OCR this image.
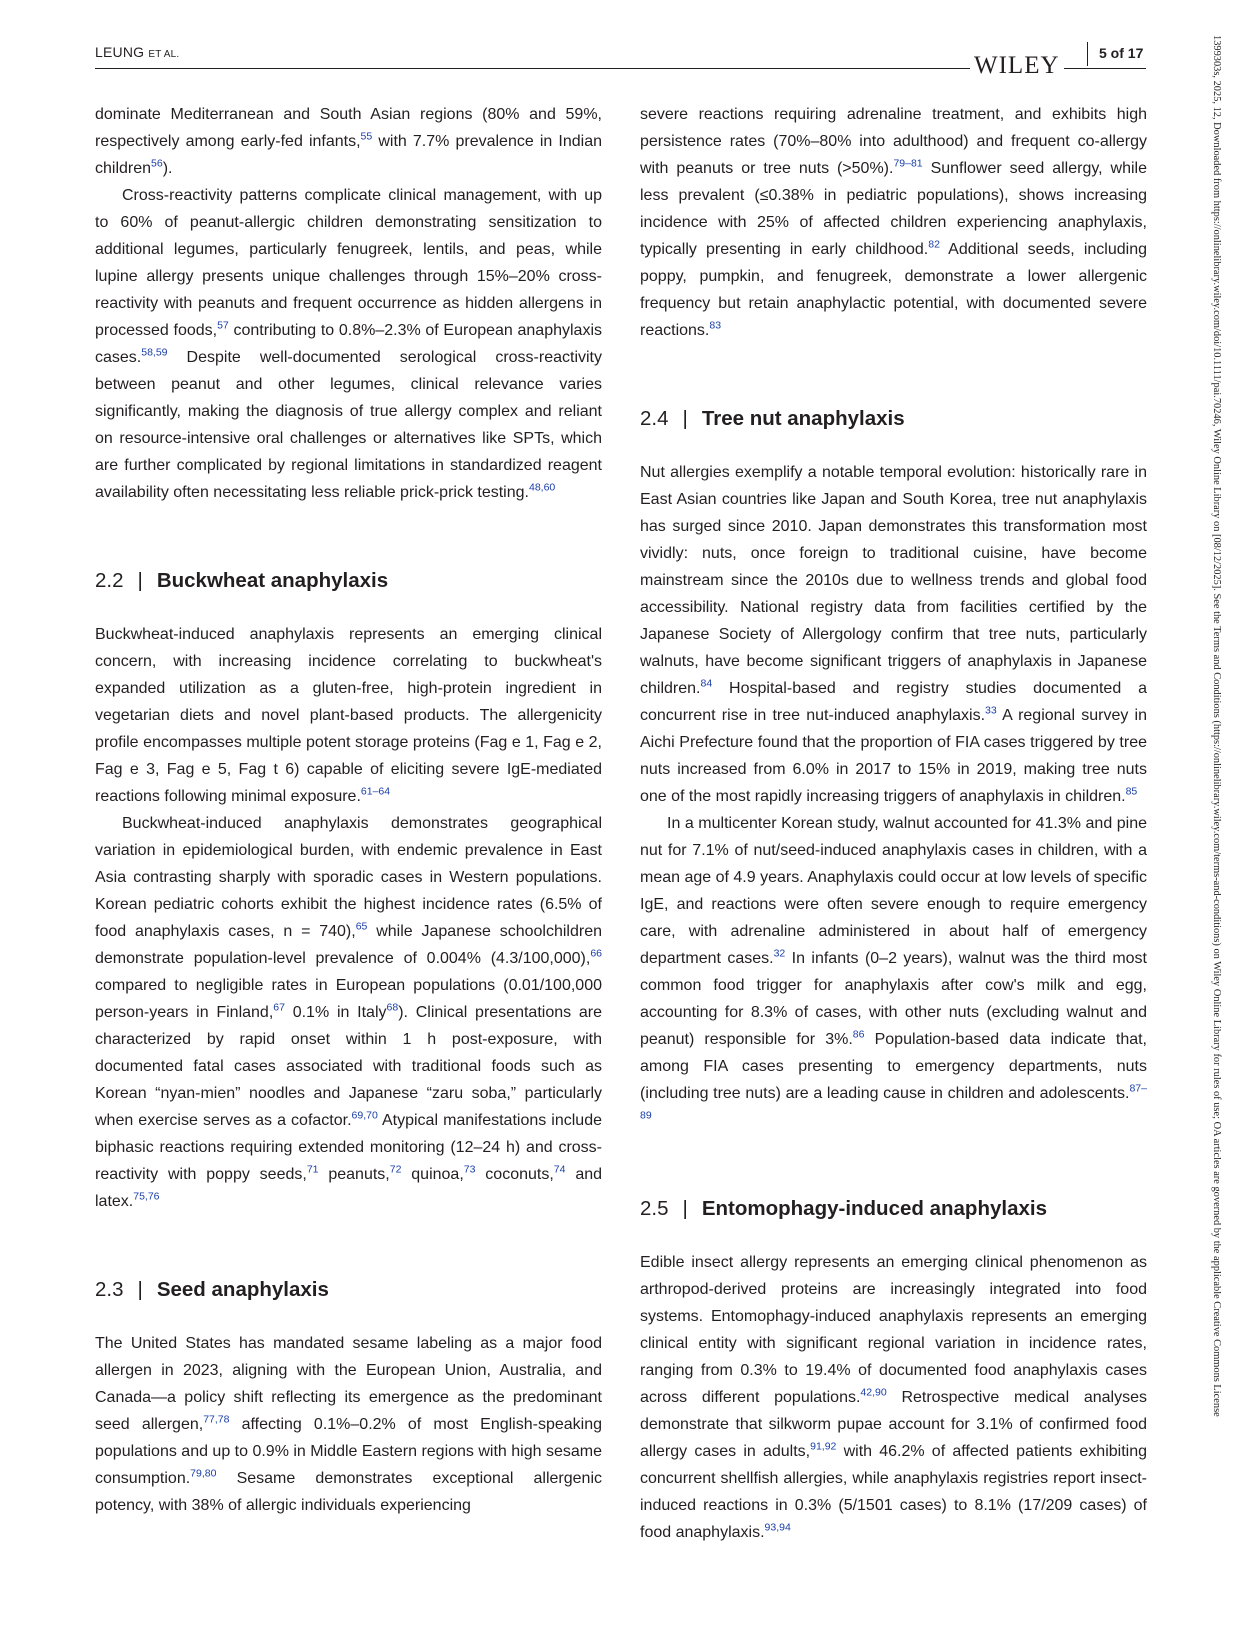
LEUNG ET AL.	WILEY	5 of 17	1399303s, 2025, 12, Downloaded from https://onlinelibrary.wiley.com/doi/10.1111/pai.70246, Wiley Online Library on [08/12/2025]. See the Terms and Conditions (https://onlinelibrary.wiley.com/terms-and-conditions) on Wiley Online Library for rules of use; OA articles are governed by the applicable Creative Commons License

dominate Mediterranean and South Asian regions (80% and 59%, respectively among early-fed infants,$^{55}$ with 7.7% prevalence in Indian children$^{56}$).

Cross-reactivity patterns complicate clinical management, with up to 60% of peanut-allergic children demonstrating sensitization to additional legumes, particularly fenugreek, lentils, and peas, while lupine allergy presents unique challenges through 15%–20% cross-reactivity with peanuts and frequent occurrence as hidden allergens in processed foods,$^{57}$ contributing to 0.8%–2.3% of European anaphylaxis cases.$^{58,59}$ Despite well-documented serological cross-reactivity between peanut and other legumes, clinical relevance varies significantly, making the diagnosis of true allergy complex and reliant on resource-intensive oral challenges or alternatives like SPTs, which are further complicated by regional limitations in standardized reagent availability often necessitating less reliable prick-prick testing.$^{48,60}$

2.2 | Buckwheat anaphylaxis

Buckwheat-induced anaphylaxis represents an emerging clinical concern, with increasing incidence correlating to buckwheat's expanded utilization as a gluten-free, high-protein ingredient in vegetarian diets and novel plant-based products. The allergenicity profile encompasses multiple potent storage proteins (Fag e 1, Fag e 2, Fag e 3, Fag e 5, Fag t 6) capable of eliciting severe IgE-mediated reactions following minimal exposure.$^{61-64}$

Buckwheat-induced anaphylaxis demonstrates geographical variation in epidemiological burden, with endemic prevalence in East Asia contrasting sharply with sporadic cases in Western populations. Korean pediatric cohorts exhibit the highest incidence rates (6.5% of food anaphylaxis cases, n = 740),$^{65}$ while Japanese schoolchildren demonstrate population-level prevalence of 0.004% (4.3/100,000),$^{66}$ compared to negligible rates in European populations (0.01/100,000 person-years in Finland,$^{67}$ 0.1% in Italy$^{68}$). Clinical presentations are characterized by rapid onset within 1 h post-exposure, with documented fatal cases associated with traditional foods such as Korean “nyan-mien” noodles and Japanese “zaru soba,” particularly when exercise serves as a cofactor.$^{69,70}$ Atypical manifestations include biphasic reactions requiring extended monitoring (12–24 h) and cross-reactivity with poppy seeds,$^{71}$ peanuts,$^{72}$ quinoa,$^{73}$ coconuts,$^{74}$ and latex.$^{75,76}$

2.3 | Seed anaphylaxis

The United States has mandated sesame labeling as a major food allergen in 2023, aligning with the European Union, Australia, and Canada—a policy shift reflecting its emergence as the predominant seed allergen,$^{77,78}$ affecting 0.1%–0.2% of most English-speaking populations and up to 0.9% in Middle Eastern regions with high sesame consumption.$^{79,80}$ Sesame demonstrates exceptional allergenic potency, with 38% of allergic individuals experiencing

severe reactions requiring adrenaline treatment, and exhibits high persistence rates (70%–80% into adulthood) and frequent co-allergy with peanuts or tree nuts (>50%).$^{79-81}$ Sunflower seed allergy, while less prevalent (≤0.38% in pediatric populations), shows increasing incidence with 25% of affected children experiencing anaphylaxis, typically presenting in early childhood.$^{82}$ Additional seeds, including poppy, pumpkin, and fenugreek, demonstrate a lower allergenic frequency but retain anaphylactic potential, with documented severe reactions.$^{83}$

2.4 | Tree nut anaphylaxis

Nut allergies exemplify a notable temporal evolution: historically rare in East Asian countries like Japan and South Korea, tree nut anaphylaxis has surged since 2010. Japan demonstrates this transformation most vividly: nuts, once foreign to traditional cuisine, have become mainstream since the 2010s due to wellness trends and global food accessibility. National registry data from facilities certified by the Japanese Society of Allergology confirm that tree nuts, particularly walnuts, have become significant triggers of anaphylaxis in Japanese children.$^{84}$ Hospital-based and registry studies documented a concurrent rise in tree nut-induced anaphylaxis.$^{33}$ A regional survey in Aichi Prefecture found that the proportion of FIA cases triggered by tree nuts increased from 6.0% in 2017 to 15% in 2019, making tree nuts one of the most rapidly increasing triggers of anaphylaxis in children.$^{85}$

In a multicenter Korean study, walnut accounted for 41.3% and pine nut for 7.1% of nut/seed-induced anaphylaxis cases in children, with a mean age of 4.9 years. Anaphylaxis could occur at low levels of specific IgE, and reactions were often severe enough to require emergency care, with adrenaline administered in about half of emergency department cases.$^{32}$ In infants (0–2 years), walnut was the third most common food trigger for anaphylaxis after cow's milk and egg, accounting for 8.3% of cases, with other nuts (excluding walnut and peanut) responsible for 3%.$^{86}$ Population-based data indicate that, among FIA cases presenting to emergency departments, nuts (including tree nuts) are a leading cause in children and adolescents.$^{87-89}$

2.5 | Entomophagy-induced anaphylaxis

Edible insect allergy represents an emerging clinical phenomenon as arthropod-derived proteins are increasingly integrated into food systems. Entomophagy-induced anaphylaxis represents an emerging clinical entity with significant regional variation in incidence rates, ranging from 0.3% to 19.4% of documented food anaphylaxis cases across different populations.$^{42,90}$ Retrospective medical analyses demonstrate that silkworm pupae account for 3.1% of confirmed food allergy cases in adults,$^{91,92}$ with 46.2% of affected patients exhibiting concurrent shellfish allergies, while anaphylaxis registries report insect-induced reactions in 0.3% (5/1501 cases) to 8.1% (17/209 cases) of food anaphylaxis.$^{93,94}$
